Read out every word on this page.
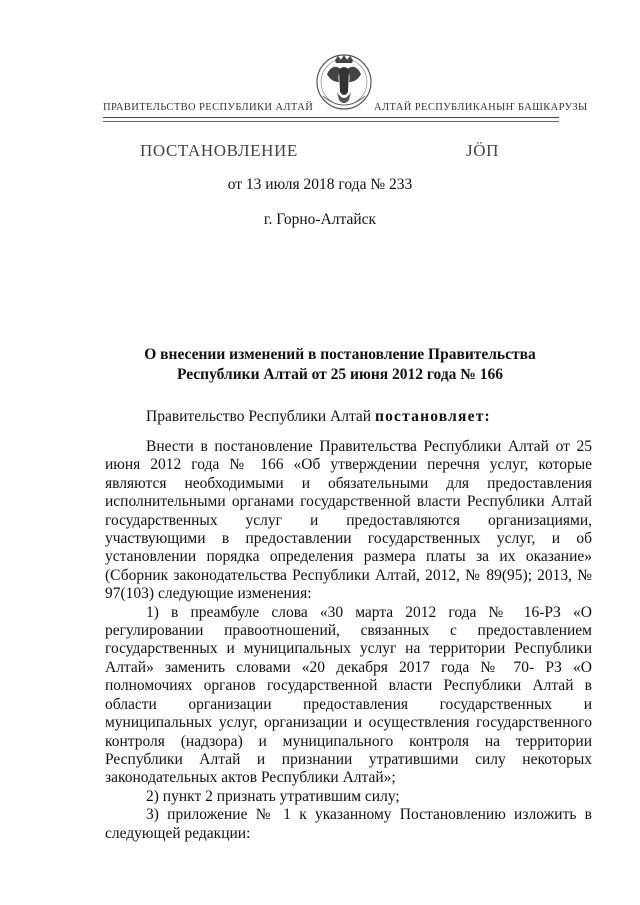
ПРАВИТЕЛЬСТВО РЕСПУБЛИКИ АЛТАЙ	АЛТАЙ РЕСПУБЛИКАНЫҤ БАШКАРУЗЫ
ПОСТАНОВЛЕНИЕ	ЈÖП
от 13 июля 2018 года № 233
г. Горно-Алтайск
О внесении изменений в постановление Правительства Республики Алтай от 25 июня 2012 года № 166
Правительство Республики Алтай постановляет:

Внести в постановление Правительства Республики Алтай от 25 июня 2012 года № 166 «Об утверждении перечня услуг, которые являются необходимыми и обязательными для предоставления исполнительными органами государственной власти Республики Алтай государственных услуг и предоставляются организациями, участвующими в предоставлении государственных услуг, и об установлении порядка определения размера платы за их оказание» (Сборник законодательства Республики Алтай, 2012, № 89(95); 2013, № 97(103) следующие изменения:

1) в преамбуле слова «30 марта 2012 года № 16-РЗ «О регулировании правоотношений, связанных с предоставлением государственных и муниципальных услуг на территории Республики Алтай» заменить словами «20 декабря 2017 года № 70- РЗ «О полномочиях органов государственной власти Республики Алтай в области организации предоставления государственных и муниципальных услуг, организации и осуществления государственного контроля (надзора) и муниципального контроля на территории Республики Алтай и признании утратившими силу некоторых законодательных актов Республики Алтай»;

2) пункт 2 признать утратившим силу;

3) приложение № 1 к указанному Постановлению изложить в следующей редакции:
